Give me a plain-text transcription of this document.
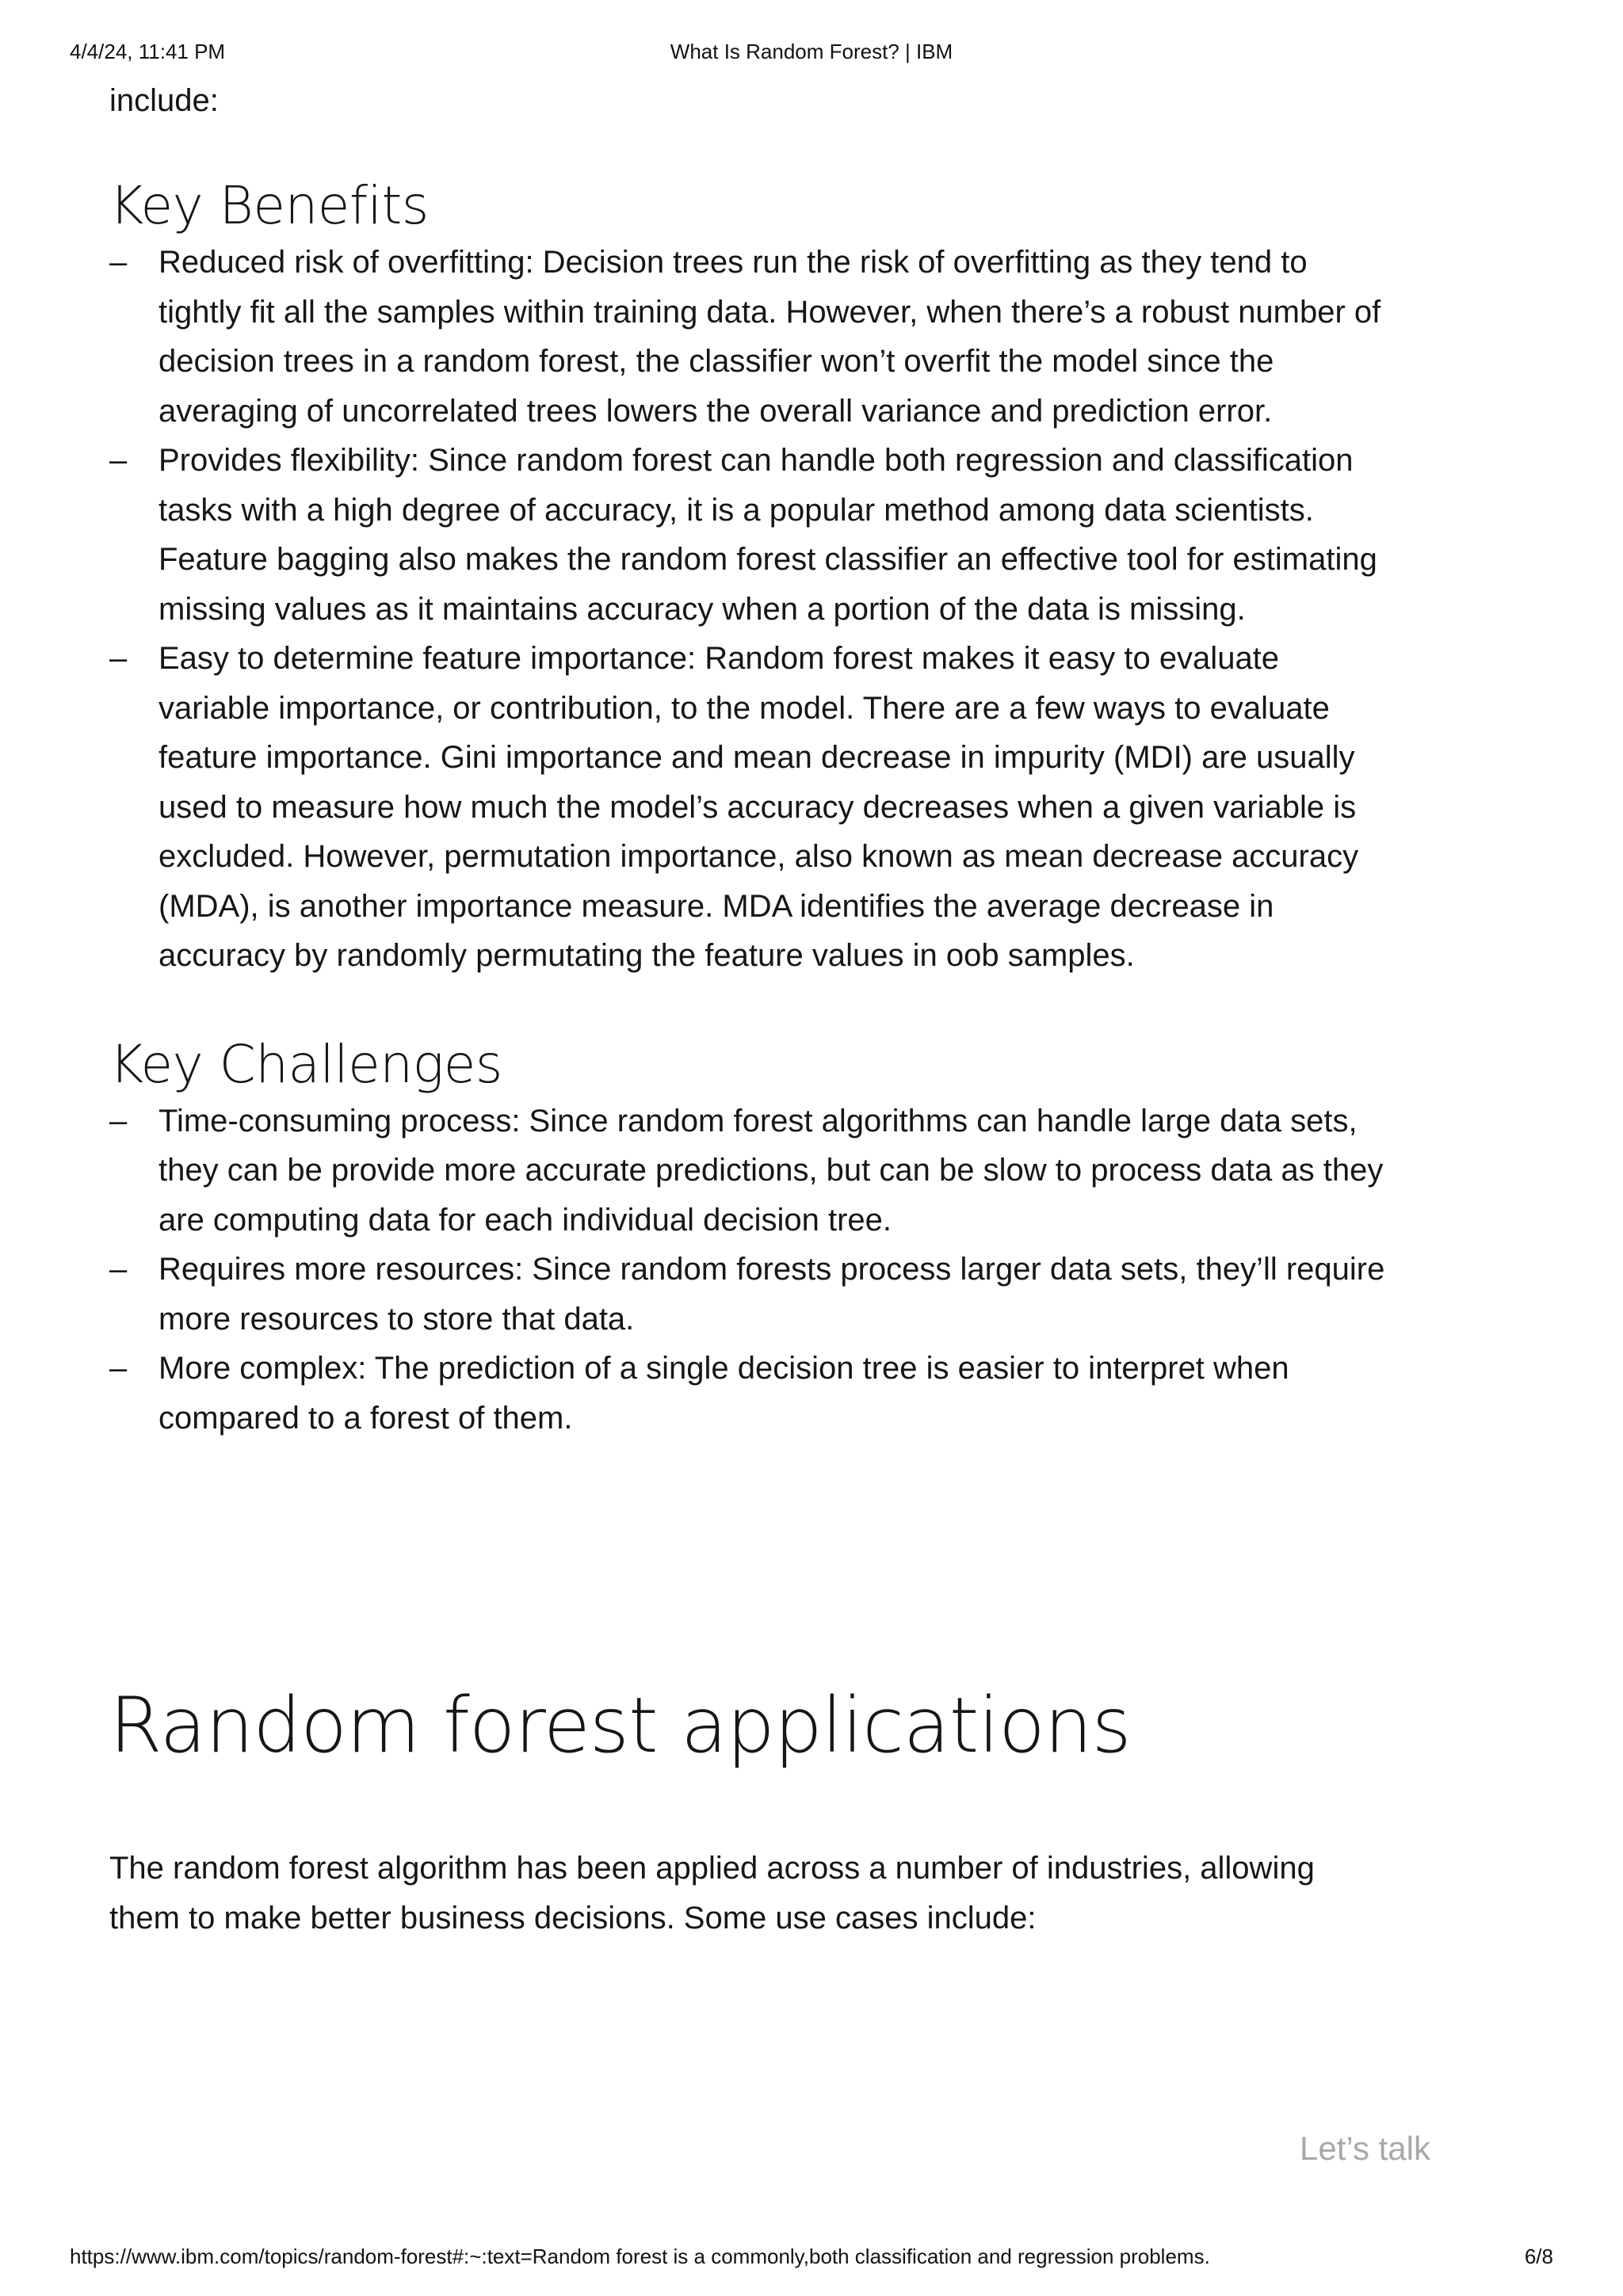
4/4/24, 11:41 PM	What Is Random Forest? | IBM

include:

Key Benefits
– Reduced risk of overfitting: Decision trees run the risk of overfitting as they tend to tightly fit all the samples within training data. However, when there’s a robust number of decision trees in a random forest, the classifier won’t overfit the model since the averaging of uncorrelated trees lowers the overall variance and prediction error.
– Provides flexibility: Since random forest can handle both regression and classification tasks with a high degree of accuracy, it is a popular method among data scientists. Feature bagging also makes the random forest classifier an effective tool for estimating missing values as it maintains accuracy when a portion of the data is missing.
– Easy to determine feature importance: Random forest makes it easy to evaluate variable importance, or contribution, to the model. There are a few ways to evaluate feature importance. Gini importance and mean decrease in impurity (MDI) are usually used to measure how much the model’s accuracy decreases when a given variable is excluded. However, permutation importance, also known as mean decrease accuracy (MDA), is another importance measure. MDA identifies the average decrease in accuracy by randomly permutating the feature values in oob samples.
Key Challenges
– Time-consuming process: Since random forest algorithms can handle large data sets, they can be provide more accurate predictions, but can be slow to process data as they are computing data for each individual decision tree.
– Requires more resources: Since random forests process larger data sets, they’ll require more resources to store that data.
– More complex: The prediction of a single decision tree is easier to interpret when compared to a forest of them.
Random forest applications

The random forest algorithm has been applied across a number of industries, allowing them to make better business decisions. Some use cases include:

Let’s talk
https://www.ibm.com/topics/random-forest#:~:text=Random forest is a commonly,both classification and regression problems.	6/8
